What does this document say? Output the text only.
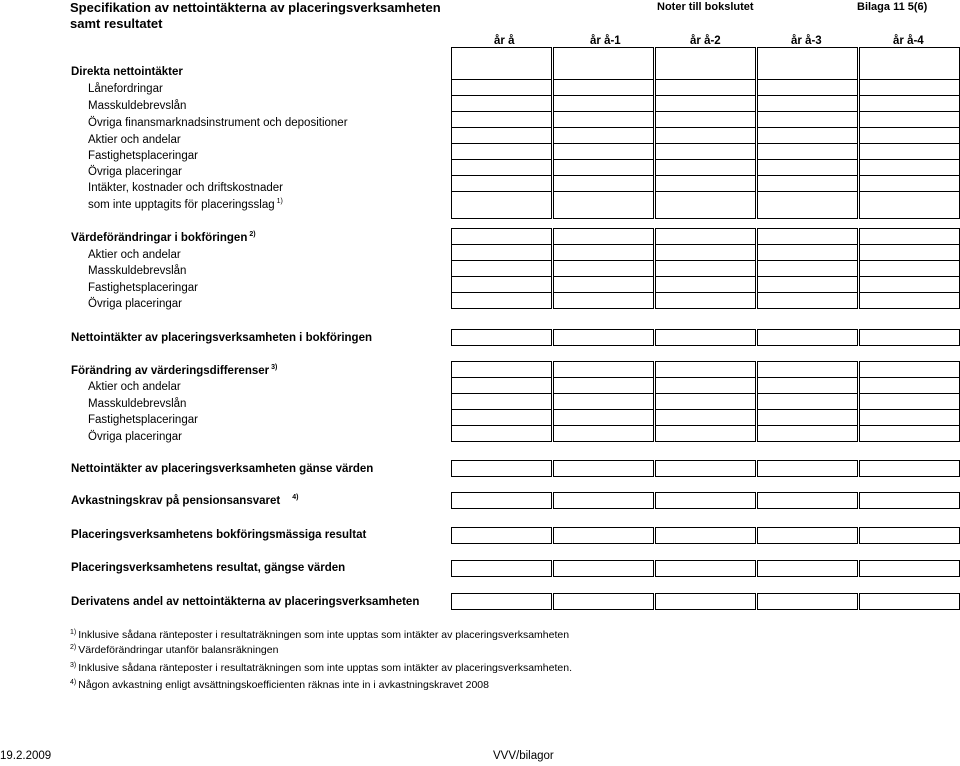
Specifikation av nettointäkterna av placeringsverksamheten
samt resultatet
Noter till bokslutet	Bilaga 11 5(6)
år å	år å-1	år å-2	år å-3	år å-4
Direkta nettointäkter
Lånefordringar
Masskuldebrevslån
Övriga finansmarknadsinstrument och depositioner
Aktier och andelar
Fastighetsplaceringar
Övriga placeringar
Intäkter, kostnader och driftskostnader
som inte upptagits för placeringsslag $^{1)}$
Värdeförändringar i bokföringen $^{2)}$
Aktier och andelar
Masskuldebrevslån
Fastighetsplaceringar
Övriga placeringar
Nettointäkter av placeringsverksamheten i bokföringen
Förändring av värderingsdifferenser $^{3)}$
Aktier och andelar
Masskuldebrevslån
Fastighetsplaceringar
Övriga placeringar
Nettointäkter av placeringsverksamheten gänse värden
Avkastningskrav på pensionsansvaret $^{4)}$
Placeringsverksamhetens bokföringsmässiga resultat
Placeringsverksamhetens resultat, gängse värden
Derivatens andel av nettointäkterna av placeringsverksamheten
$^{1)}$ Inklusive sådana ränteposter i resultaträkningen som inte upptas som intäkter av placeringsverksamheten
$^{2)}$ Värdeförändringar utanför balansräkningen
$^{3)}$ Inklusive sådana ränteposter i resultaträkningen som inte upptas som intäkter av placeringsverksamheten.
$^{4)}$ Någon avkastning enligt avsättningskoefficienten räknas inte in i avkastningskravet 2008
19.2.2009	VVV/bilagor
